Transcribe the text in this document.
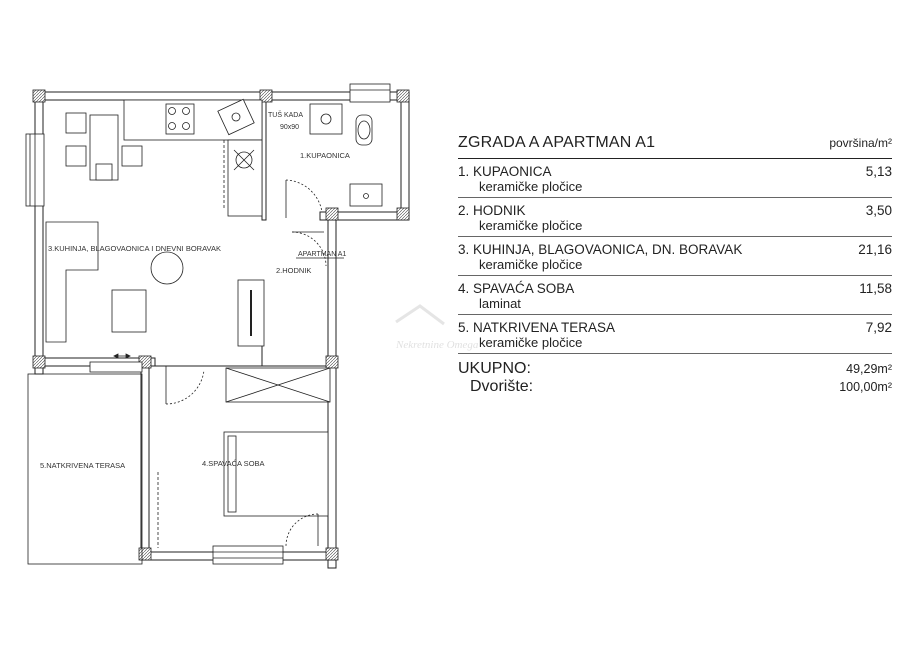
1.KUPAONICA
2.HODNIK
3.KUHINJA, BLAGOVAONICA I DNEVNI BORAVAK
4.SPAVAĆA SOBA
5.NATKRIVENA TERASA
TUŠ KADA
90x90
APARTMAN A1
Nekretnine Omega
ZGRADA A APARTMAN A1	površina/m²
1. KUPAONICA	5,13
keramičke pločice
2. HODNIK	3,50
keramičke pločice
3. KUHINJA, BLAGOVAONICA, DN. BORAVAK	21,16
keramičke pločice
4. SPAVAĆA SOBA	11,58
laminat
5. NATKRIVENA TERASA	7,92
keramičke pločice
UKUPNO:	49,29m²
Dvorište:	100,00m²
